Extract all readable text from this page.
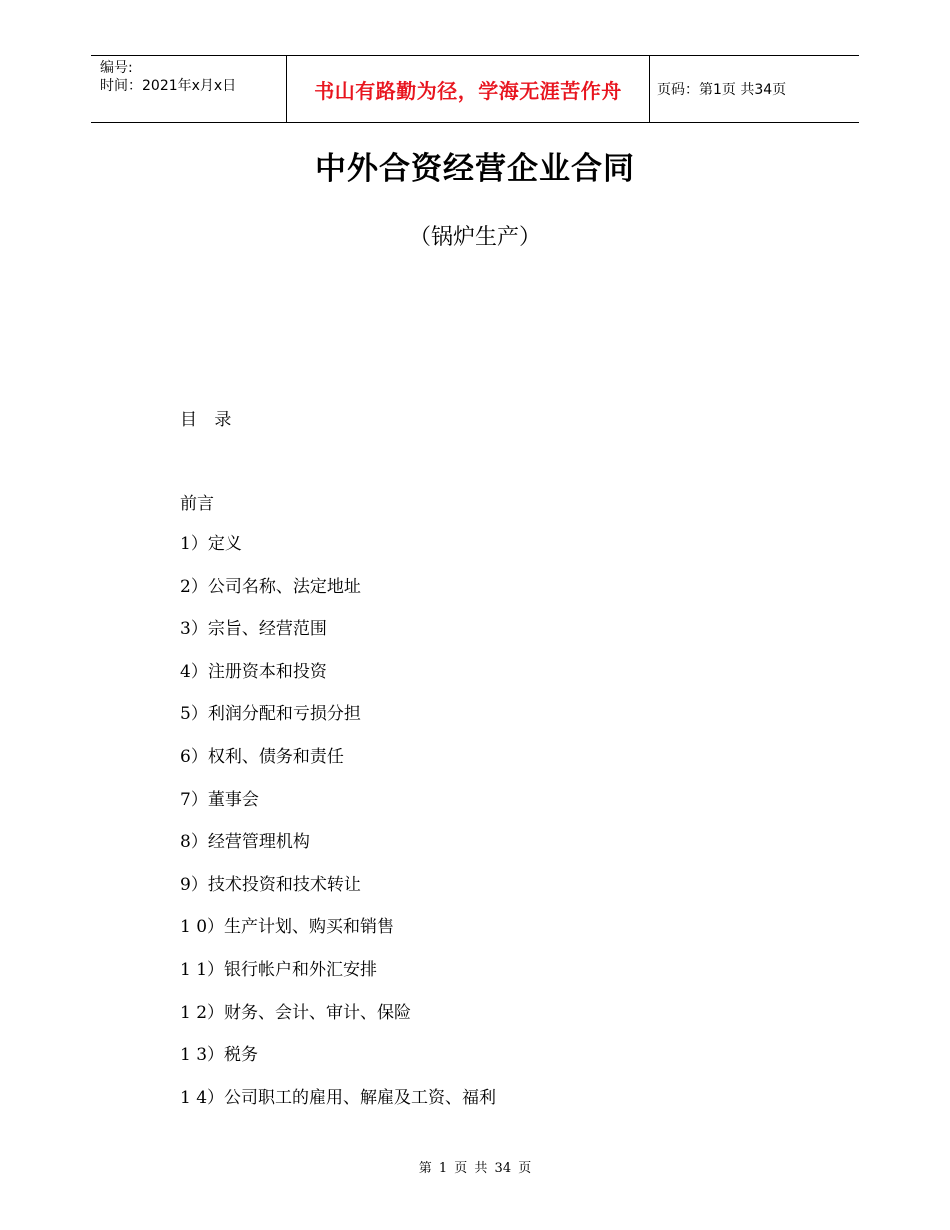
编号:
时间：2021年x月x日	书山有路勤为径，学海无涯苦作舟	页码：第1页 共34页
中外合资经营企业合同
（锅炉生产）
目 录
前言
1）定义
2）公司名称、法定地址
3）宗旨、经营范围
4）注册资本和投资
5）利润分配和亏损分担
6）权利、债务和责任
7）董事会
8）经营管理机构
9）技术投资和技术转让
1 0）生产计划、购买和销售
1 1）银行帐户和外汇安排
1 2）财务、会计、审计、保险
1 3）税务
1 4）公司职工的雇用、解雇及工资、福利
第 1 页 共 34 页
